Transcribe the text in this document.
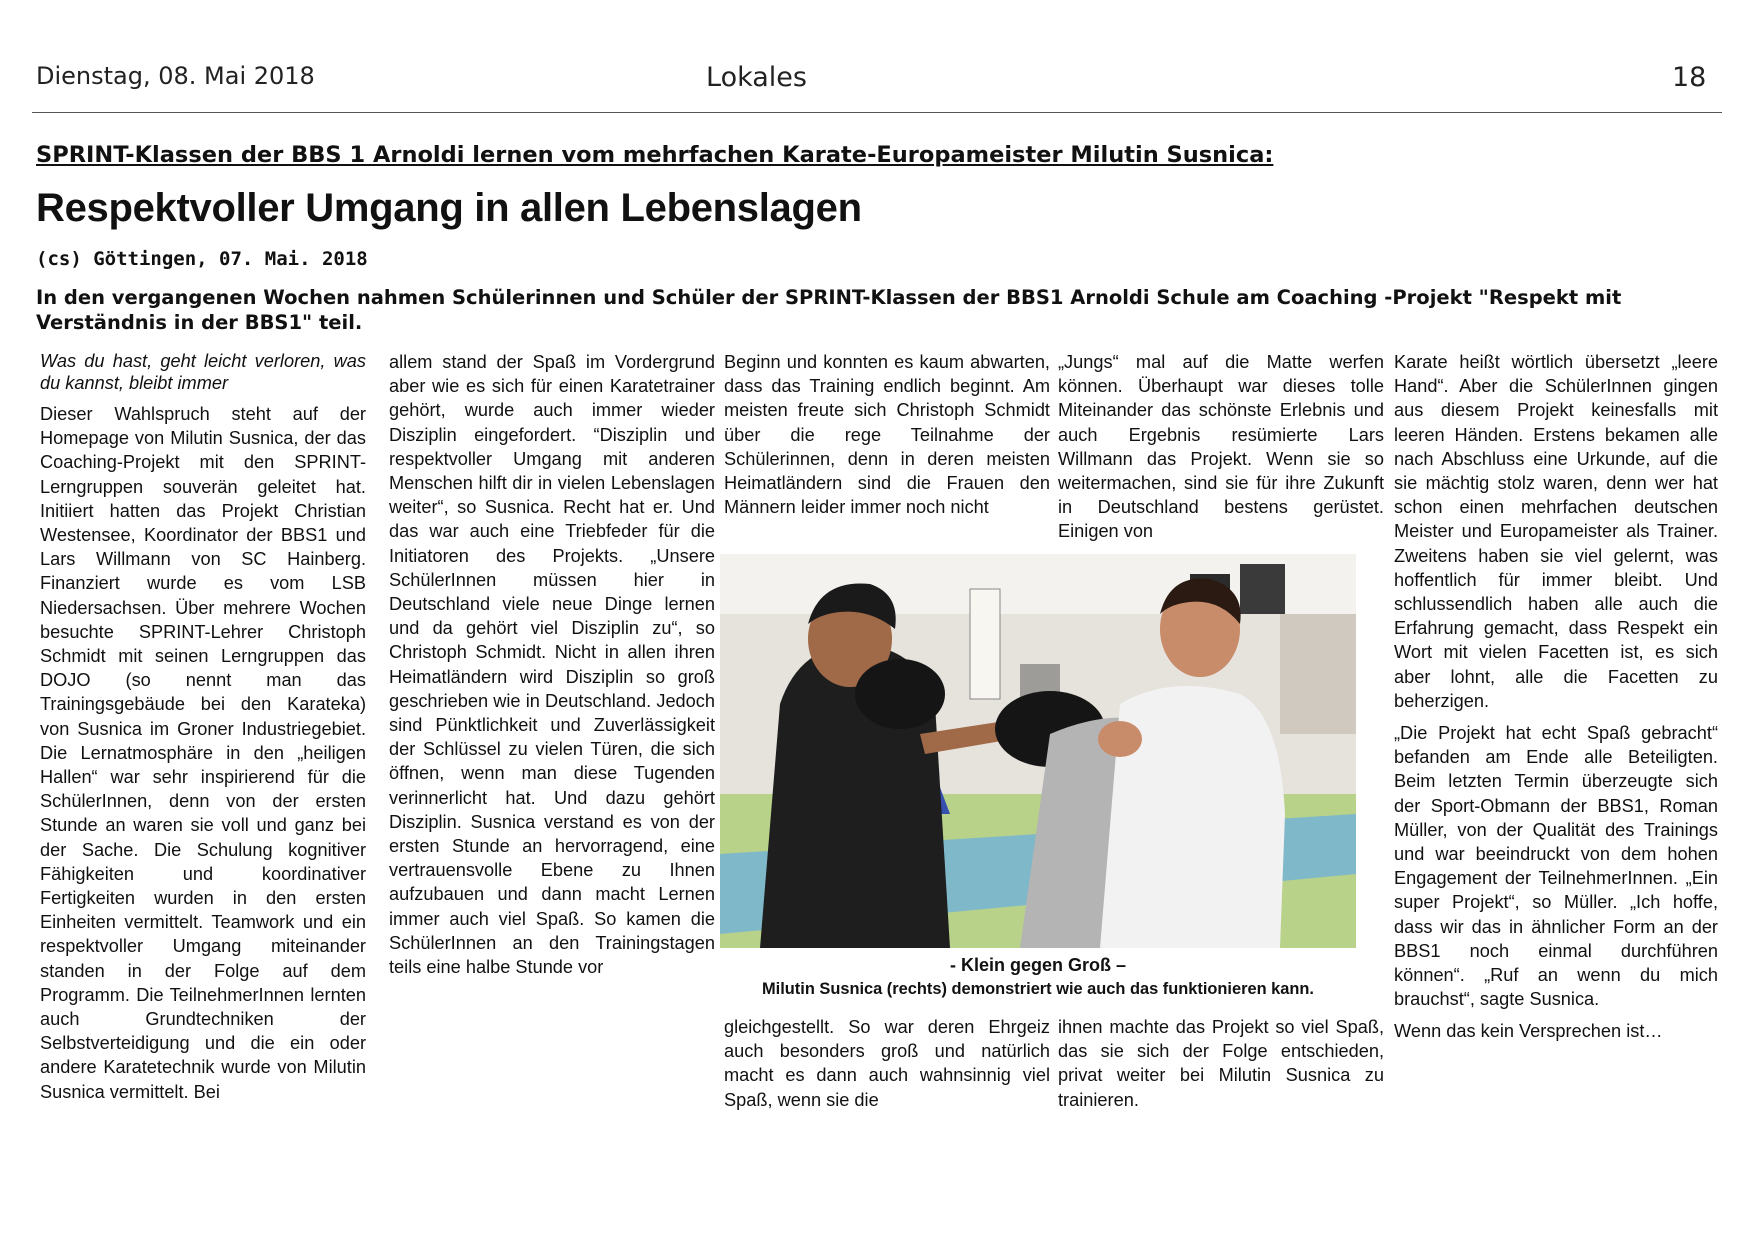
Dienstag, 08. Mai 2018	Lokales	18
SPRINT-Klassen der BBS 1 Arnoldi lernen vom mehrfachen Karate-Europameister Milutin Susnica:
Respektvoller Umgang in allen Lebenslagen
(cs) Göttingen, 07. Mai. 2018
In den vergangenen Wochen nahmen Schülerinnen und Schüler der SPRINT-Klassen der BBS1 Arnoldi Schule am Coaching -Projekt "Respekt mit Verständnis in der BBS1" teil.

Was du hast, geht leicht verloren, was du kannst, bleibt immer

Dieser Wahlspruch steht auf der Homepage von Milutin Susnica, der das Coaching-Projekt mit den SPRINT-Lerngruppen souverän geleitet hat. Initiiert hatten das Projekt Christian Westensee, Koordinator der BBS1 und Lars Willmann von SC Hainberg. Finanziert wurde es vom LSB Niedersachsen. Über mehrere Wochen besuchte SPRINT-Lehrer Christoph Schmidt mit seinen Lerngruppen das DOJO (so nennt man das Trainingsgebäude bei den Karateka) von Susnica im Groner Industriegebiet. Die Lernatmosphäre in den „heiligen Hallen“ war sehr inspirierend für die SchülerInnen, denn von der ersten Stunde an waren sie voll und ganz bei der Sache. Die Schulung kognitiver Fähigkeiten und koordinativer Fertigkeiten wurden in den ersten Einheiten vermittelt. Teamwork und ein respektvoller Umgang miteinander standen in der Folge auf dem Programm. Die TeilnehmerInnen lernten auch Grundtechniken der Selbstverteidigung und die ein oder andere Karatetechnik wurde von Milutin Susnica vermittelt. Bei

allem stand der Spaß im Vordergrund aber wie es sich für einen Karatetrainer gehört, wurde auch immer wieder Disziplin eingefordert. “Disziplin und respektvoller Umgang mit anderen Menschen hilft dir in vielen Lebenslagen weiter“, so Susnica. Recht hat er. Und das war auch eine Triebfeder für die Initiatoren des Projekts. „Unsere SchülerInnen müssen hier in Deutschland viele neue Dinge lernen und da gehört viel Disziplin zu“, so Christoph Schmidt. Nicht in allen ihren Heimatländern wird Disziplin so groß geschrieben wie in Deutschland. Jedoch sind Pünktlichkeit und Zuverlässigkeit der Schlüssel zu vielen Türen, die sich öffnen, wenn man diese Tugenden verinnerlicht hat. Und dazu gehört Disziplin. Susnica verstand es von der ersten Stunde an hervorragend, eine vertrauensvolle Ebene zu Ihnen aufzubauen und dann macht Lernen immer auch viel Spaß. So kamen die SchülerInnen an den Trainingstagen teils eine halbe Stunde vor

Beginn und konnten es kaum abwarten, dass das Training endlich beginnt. Am meisten freute sich Christoph Schmidt über die rege Teilnahme der Schülerinnen, denn in deren meisten Heimatländern sind die Frauen den Männern leider immer noch nicht

„Jungs“ mal auf die Matte werfen können. Überhaupt war dieses tolle Miteinander das schönste Erlebnis und auch Ergebnis resümierte Lars Willmann das Projekt. Wenn sie so weitermachen, sind sie für ihre Zukunft in Deutschland bestens gerüstet. Einigen von

- Klein gegen Groß –
Milutin Susnica (rechts) demonstriert wie auch das funktionieren kann.

gleichgestellt. So war deren Ehrgeiz auch besonders groß und natürlich macht es dann auch wahnsinnig viel Spaß, wenn sie die

ihnen machte das Projekt so viel Spaß, das sie sich der Folge entschieden, privat weiter bei Milutin Susnica zu trainieren.

Karate heißt wörtlich übersetzt „leere Hand“. Aber die SchülerInnen gingen aus diesem Projekt keinesfalls mit leeren Händen. Erstens bekamen alle nach Abschluss eine Urkunde, auf die sie mächtig stolz waren, denn wer hat schon einen mehrfachen deutschen Meister und Europameister als Trainer. Zweitens haben sie viel gelernt, was hoffentlich für immer bleibt. Und schlussendlich haben alle auch die Erfahrung gemacht, dass Respekt ein Wort mit vielen Facetten ist, es sich aber lohnt, alle die Facetten zu beherzigen.

„Die Projekt hat echt Spaß gebracht“ befanden am Ende alle Beteiligten. Beim letzten Termin überzeugte sich der Sport-Obmann der BBS1, Roman Müller, von der Qualität des Trainings und war beeindruckt von dem hohen Engagement der TeilnehmerInnen. „Ein super Projekt“, so Müller. „Ich hoffe, dass wir das in ähnlicher Form an der BBS1 noch einmal durchführen können“. „Ruf an wenn du mich brauchst“, sagte Susnica.

Wenn das kein Versprechen ist…
